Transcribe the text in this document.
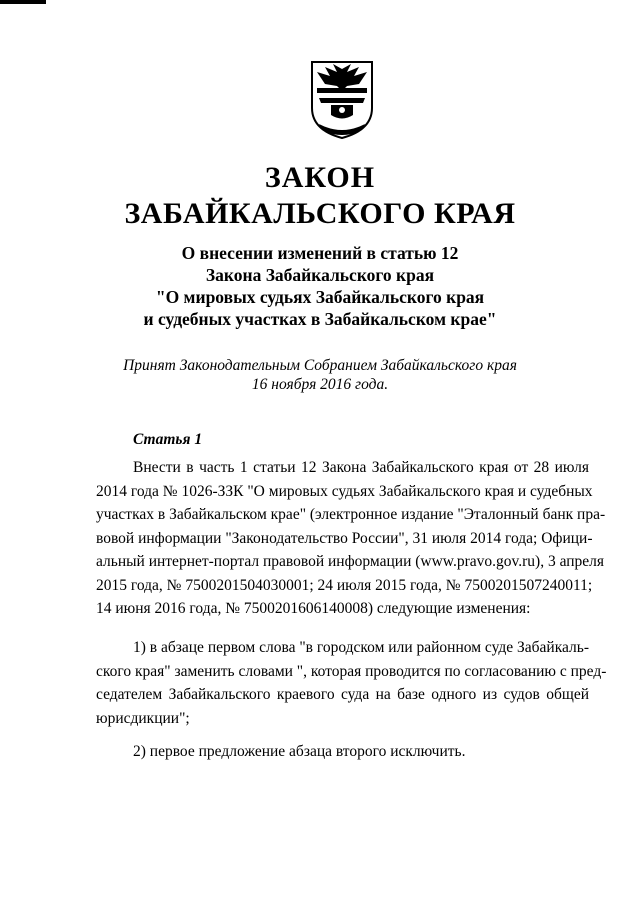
ЗАКОН
ЗАБАЙКАЛЬСКОГО КРАЯ
О внесении изменений в статью 12
Закона Забайкальского края
"О мировых судьях Забайкальского края
и судебных участках в Забайкальском крае"
Принят Законодательным Собранием Забайкальского края
16 ноября 2016 года.
Статья 1
Внести в часть 1 статьи 12 Закона Забайкальского края от 28 июля
2014 года № 1026-ЗЗК "О мировых судьях Забайкальского края и судебных
участках в Забайкальском крае" (электронное издание "Эталонный банк пра-
вовой информации "Законодательство России", 31 июля 2014 года; Офици-
альный интернет-портал правовой информации (www.pravo.gov.ru), 3 апреля
2015 года, № 7500201504030001; 24 июля 2015 года, № 7500201507240011;
14 июня 2016 года, № 7500201606140008) следующие изменения:
1) в абзаце первом слова "в городском или районном суде Забайкаль-
ского края" заменить словами ", которая проводится по согласованию с пред-
седателем Забайкальского краевого суда на базе одного из судов общей
юрисдикции";
2) первое предложение абзаца второго исключить.
